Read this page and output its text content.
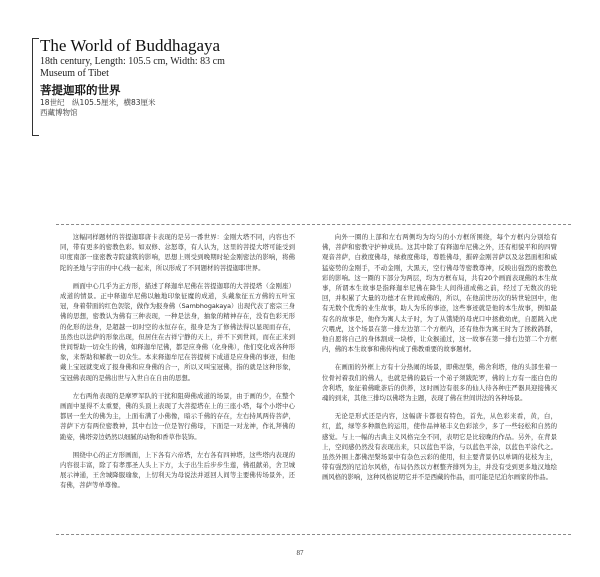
The World of Buddhagaya

18th century, Length: 105.5 cm, Width: 83 cm

Museum of Tibet

菩提迦耶的世界

18世纪　纵105.5厘米，横83厘米

西藏博物馆

这幅同样题材的菩提迦耶唐卡表现的是另一番世界：金刚大塔不同，内容也不同，带有更多的密教色彩。如双修、忿怒尊，有人认为，这里的菩提大塔可能受到印度南部一座密教寺院建筑的影响，思想上则受到晚期时轮金刚密法的影响，将佛陀的圣地与宇宙的中心线一起来，所以形成了不同题材的菩提迦耶世界。

画面中心几乎为正方形，描述了释迦牟尼佛在菩提迦耶的大菩提塔（金刚座）成道的情景。正中释迦牟尼佛以触地印象征魔的成道，头戴象征五方佛的五叶宝冠，身着带面的红色袈裟，做作为报身佛（Sambhogakaya）出现代表了密宗三身佛的思想，密教认为佛有三种表现，一种是法身，抽象的精神存在，没有色彩无形的化形的法身，是超越一切时空的永恒存在，报身是为了修佛法得以显现而存在，虽然也以法萨的形象出现，但居住在古祥宁静的天上，并不下到世间，而在正来到世间帮助一切众生的佛，如释迦牟尼佛，都是应身佛（化身佛），他们变化成各种形象，来帮助和解救一切众生。本来释迦牟尼在菩提树下成道是应身佛的事迹，但他戴上宝冠就变成了报身佛和应身佛的合一，所以又叫宝冠佛，指的就是这种形象，宝冠佛表现的是佛出世与入世自在自由的思想。

左右两角表现的是摩罗军队的干扰和阻碍佛成道的场景，由于画的少，在整个画面中显得不太重要，佛的头顶上表现了大菩提塔在上的三座小塔，每个小塔中心都居一坐大的佛为主，上面布满了小佛像，暗示千佛的存在，左右持风两侍菩萨，菩萨下方有两位密教神，其中右边一位是智行佛母，下面是一对龙神，作礼拜佛的跪姿，佛塔旁边奶然以细腻的动物和香草作装饰。

围绕中心的正方形画面，上下各有六帝塔，左右各有四神塔，这些塔内表现的内容很丰富，除了有孝那圣人头上下方，太子出生后步步生莲，佛祖献弟，舍卫城展示神通，王舍城降服瑜象，上忉利天为母说法并返回人间等主要佛传场景外，还有佛，菩萨等单尊像。

向外一圈的上部和左右两侧均为均匀的小方框所围绕，每个方框内分别绘有佛，菩萨和密教守护神成员。这其中除了有释迦牟尼佛之外，还有相貌平和的四臂观音菩萨，白救度佛母，绿救度佛母，尊胜佛母，摧碎金刚菩萨以及忿怒面相和威猛姿势的金刚手，不动金刚，大黑天，空行佛母等密教尊神，反映出强烈的密教色彩的影响。这一圈的下部分为两层，均为方框布局，共有20个画面表现佛的本生故事，所谓本生故事是指释迦牟尼佛在降生人间得道成佛之前，经过了无数次的轮回，并积累了大量的功德才在世间成佛的，所以，在他前世历次的转世轮回中，他有无数个优秀的业生故事，助人为乐的事迹，这些事迹就是他的本生故事，例如最有名的故事是，他作为寓人太子时，为了从饿毙的母虎口中拯救幼虎，自愿跳入虎穴喂虎，这个场景在第一排左边第二个方框内，还有他作为寓王时为了拯救鸽群，他自愿将自己的身体割成一块桥，让众猴通过，这一故事在第一排右边第二个方框内，佛的本生故事和佛传构成了佛教重要的故事题材。

在画面的外框上方有十分热闹的场景，即佛涅槃，佛舍利塔，他的头部坐着一位骨衬着我们的佛人，也就是佛的最后一个弟子须跋陀罗，佛的上方有一座白色的舍利塔，象征着佛毗荼后的供养，这时画边有很多的仙人待各种庄严器具迎接佛灭魂的到来，其他三排均以佛塔为主题，表现了佛在世间讲法的各种场景。

无论是形式还是内容，这幅唐卡都很有特色，首先，从色彩来看，黄，白，红，蓝，绿等多种颜色的运用，使作品神秘丰义色彩浓少，多了一些轻松和自然的感觉。与上一幅的古典主义风格完全不同，表明它是比较晚的作品。另外，在背景上，空间感仍然没有表现出来，只以蓝色平涂，与以蓝色平涂，以蓝色平涂代之。虽然外围上都佛涅槃场景中有杂色云彩的使用，但主要背景仍以单调的花枝为主，带有强烈的尼泊尔风格，布局仍然以方框整齐排列为主，并没有受到更多地汉地绘画风格的影响，这种风格说明它并不是西藏的作品，而可能是尼泊尔画家的作品。

87
